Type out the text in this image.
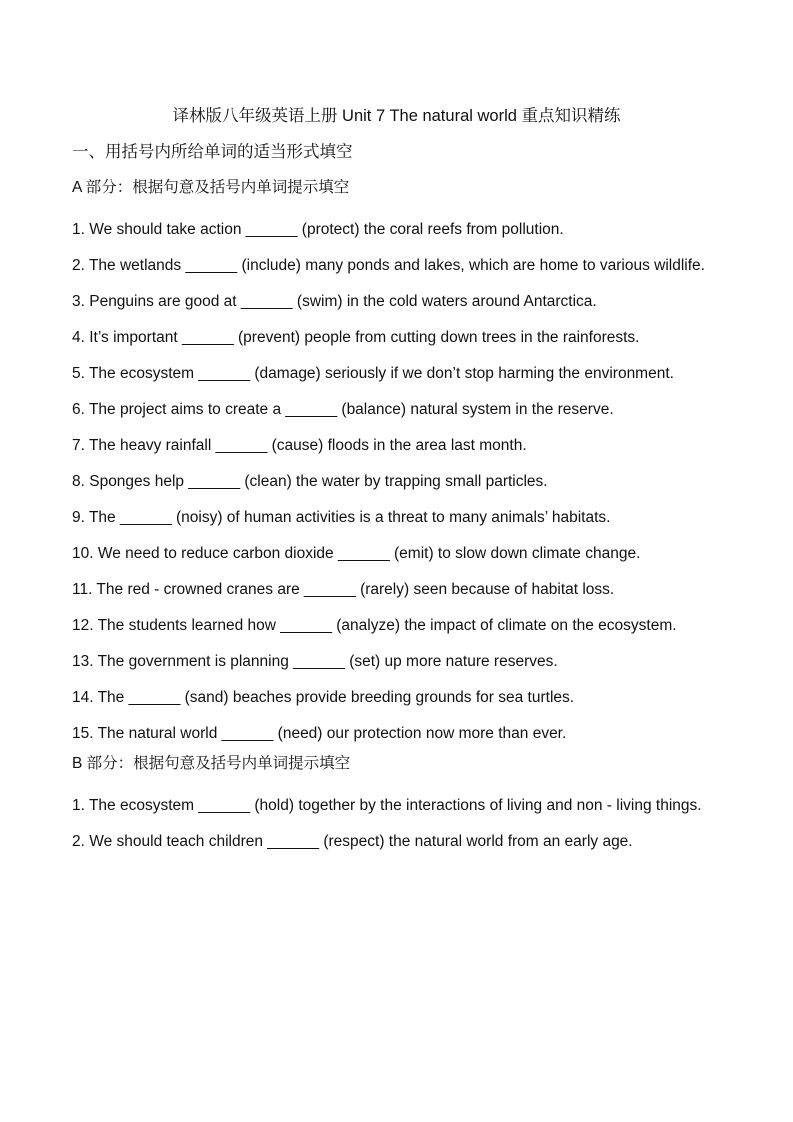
译林版八年级英语上册 Unit 7 The natural world 重点知识精练
一、用括号内所给单词的适当形式填空
A 部分：根据句意及括号内单词提示填空

1. We should take action ______ (protect) the coral reefs from pollution.

2. The wetlands ______ (include) many ponds and lakes, which are home to various wildlife.

3. Penguins are good at ______ (swim) in the cold waters around Antarctica.

4. It’s important ______ (prevent) people from cutting down trees in the rainforests.

5. The ecosystem ______ (damage) seriously if we don’t stop harming the environment.

6. The project aims to create a ______ (balance) natural system in the reserve.

7. The heavy rainfall ______ (cause) floods in the area last month.

8. Sponges help ______ (clean) the water by trapping small particles.

9. The ______ (noisy) of human activities is a threat to many animals’ habitats.

10. We need to reduce carbon dioxide ______ (emit) to slow down climate change.

11. The red - crowned cranes are ______ (rarely) seen because of habitat loss.

12. The students learned how ______ (analyze) the impact of climate on the ecosystem.

13. The government is planning ______ (set) up more nature reserves.

14. The ______ (sand) beaches provide breeding grounds for sea turtles.

15. The natural world ______ (need) our protection now more than ever.

B 部分：根据句意及括号内单词提示填空

1. The ecosystem ______ (hold) together by the interactions of living and non - living things.

2. We should teach children ______ (respect) the natural world from an early age.
